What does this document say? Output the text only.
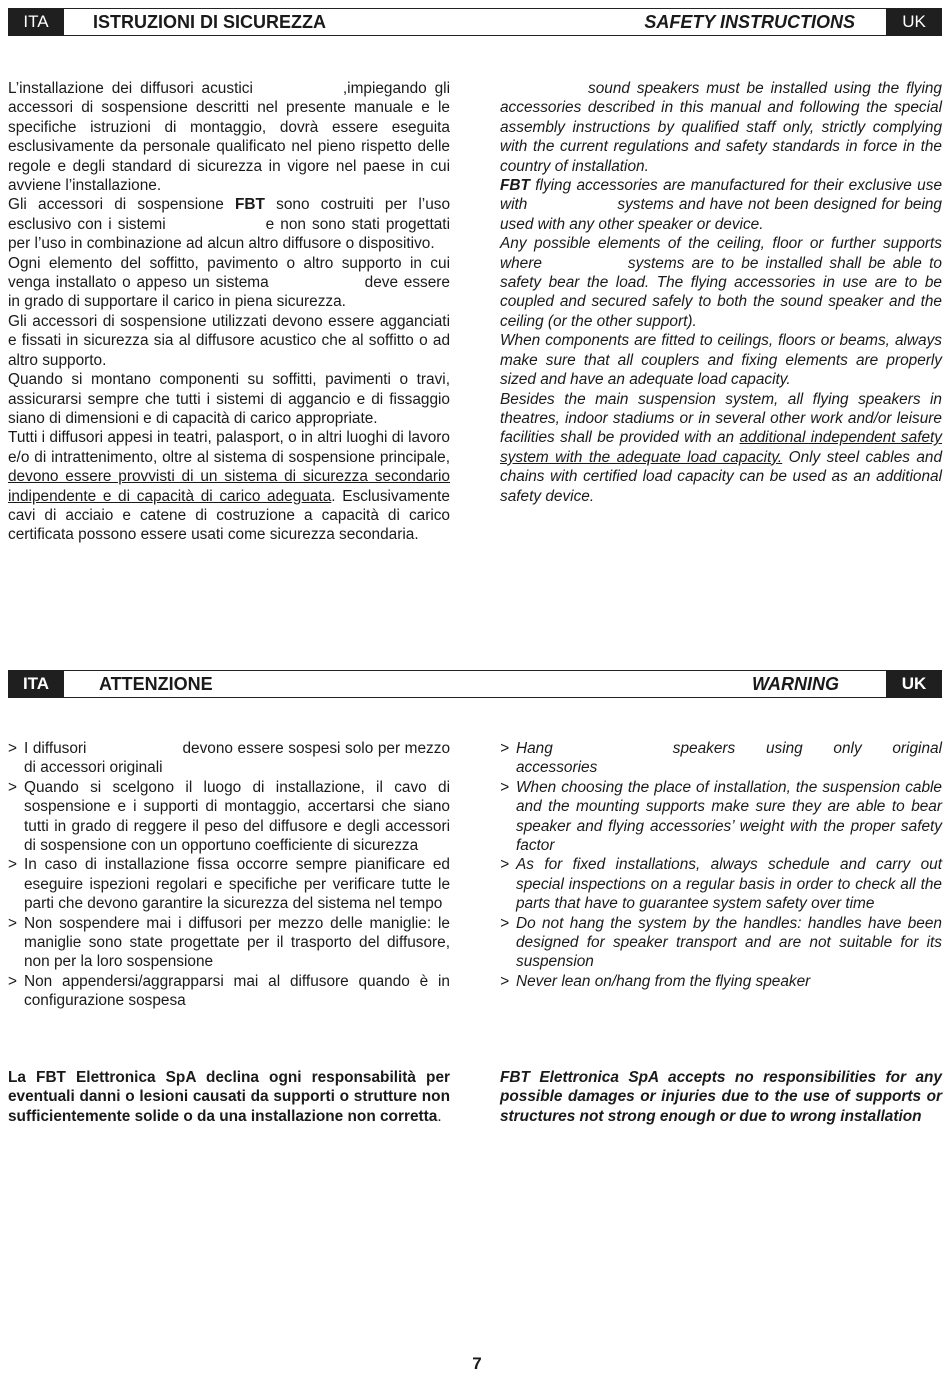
ITA	ISTRUZIONI DI SICUREZZA	SAFETY INSTRUCTIONS	UK

L’installazione dei diffusori acustici	,impiegando gli accessori di sospensione descritti nel presente manuale e le specifiche istruzioni di montaggio, dovrà essere eseguita esclusivamente da personale qualificato nel pieno rispetto delle regole e degli standard di sicurezza in vigore nel paese in cui avviene l’installazione.

Gli accessori di sospensione FBT sono costruiti per l’uso esclusivo con i sistemi	e non sono stati progettati per l’uso in combinazione ad alcun altro diffusore o dispositivo.

Ogni elemento del soffitto, pavimento o altro supporto in cui venga installato o appeso un sistema	deve essere in grado di supportare il carico in piena sicurezza.

Gli accessori di sospensione utilizzati devono essere agganciati e fissati in sicurezza sia al diffusore acustico che al soffitto o ad altro supporto.

Quando si montano componenti su soffitti, pavimenti o travi, assicurarsi sempre che tutti i sistemi di aggancio e di fissaggio siano di dimensioni e di capacità di carico appropriate.

Tutti i diffusori appesi in teatri, palasport, o in altri luoghi di lavoro e/o di intrattenimento, oltre al sistema di sospensione principale, devono essere provvisti di un sistema di sicurezza secondario indipendente e di capacità di carico adeguata. Esclusivamente cavi di acciaio e catene di costruzione a capacità di carico certificata possono essere usati come sicurezza secondaria.

sound speakers must be installed using the flying accessories described in this manual and following the special assembly instructions by qualified staff only, strictly complying with the current regulations and safety standards in force in the country of installation.

FBT flying accessories are manufactured for their exclusive use with	systems and have not been designed for being used with any other speaker or device.

Any possible elements of the ceiling, floor or further supports where	systems are to be installed shall be able to safety bear the load. The flying accessories in use are to be coupled and secured safely to both the sound speaker and the ceiling (or the other support).

When components are fitted to ceilings, floors or beams, always make sure that all couplers and fixing elements are properly sized and have an adequate load capacity.

Besides the main suspension system, all flying speakers in theatres, indoor stadiums or in several other work and/or leisure facilities shall be provided with an additional independent safety system with the adequate load capacity. Only steel cables and chains with certified load capacity can be used as an additional safety device.

ITA	ATTENZIONE	WARNING	UK
> I diffusori	devono essere sospesi solo per mezzo di accessori originali
> Quando si scelgono il luogo di installazione, il cavo di sospensione e i supporti di montaggio, accertarsi che siano tutti in grado di reggere il peso del diffusore e degli accessori di sospensione con un opportuno coefficiente di sicurezza
> In caso di installazione fissa occorre sempre pianificare ed eseguire ispezioni regolari e specifiche per verificare tutte le parti che devono garantire la sicurezza del sistema nel tempo
> Non sospendere mai i diffusori per mezzo delle maniglie: le maniglie sono state progettate per il trasporto del diffusore, non per la loro sospensione
> Non appendersi/aggrapparsi mai al diffusore quando è in configurazione sospesa
> Hang	speakers using only original accessories
> When choosing the place of installation, the suspension cable and the mounting supports make sure they are able to bear speaker and flying accessories’ weight with the proper safety factor
> As for fixed installations, always schedule and carry out special inspections on a regular basis in order to check all the parts that have to guarantee system safety over time
> Do not hang the system by the handles: handles have been designed for speaker transport and are not suitable for its suspension
> Never lean on/hang from the flying speaker
La FBT Elettronica SpA declina ogni responsabilità per eventuali danni o lesioni causati da supporti o strutture non sufficientemente solide o da una installazione non corretta.
FBT Elettronica SpA accepts no responsibilities for any possible damages or injuries due to the use of supports or structures not strong enough or due to wrong installation
7
